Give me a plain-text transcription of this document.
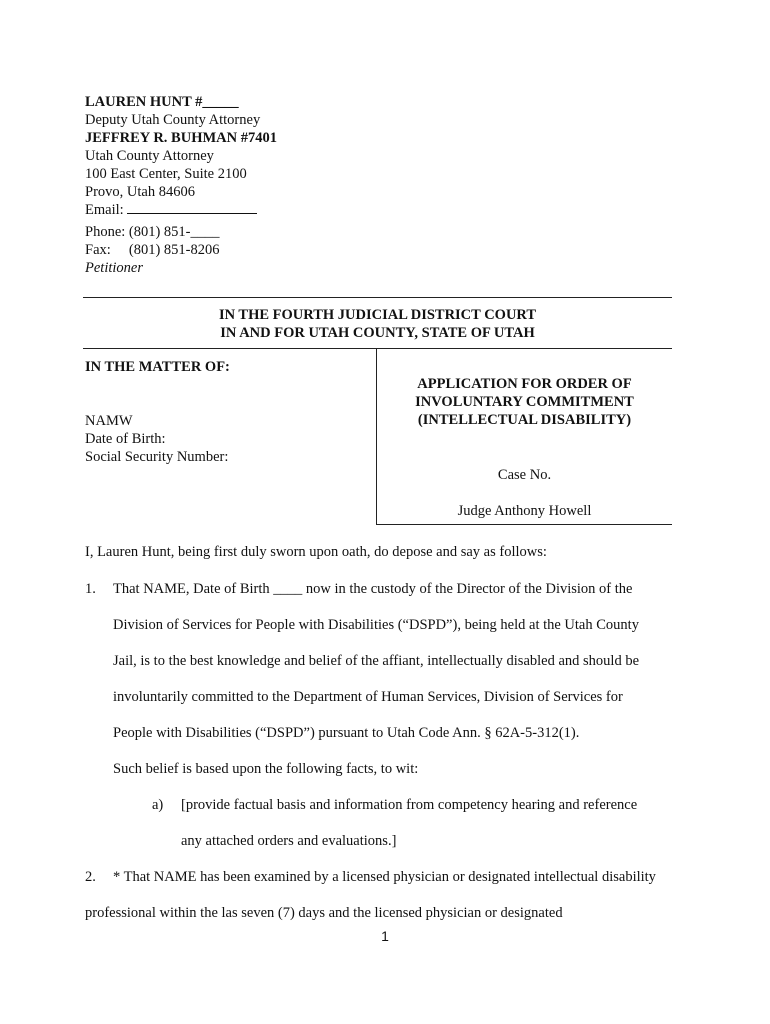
LAUREN HUNT #_____
Deputy Utah County Attorney
JEFFREY R. BUHMAN #7401
Utah County Attorney
100 East Center, Suite 2100
Provo, Utah 84606
Email:
Phone: (801) 851-____
Fax:     (801) 851-8206
Petitioner
IN THE FOURTH JUDICIAL DISTRICT COURT
IN AND FOR UTAH COUNTY, STATE OF UTAH
IN THE MATTER OF:
NAMW
Date of Birth:
Social Security Number:
APPLICATION FOR ORDER OF
INVOLUNTARY COMMITMENT
(INTELLECTUAL DISABILITY)
Case No.
Judge Anthony Howell
I, Lauren Hunt, being first duly sworn upon oath, do depose and say as follows:
1. That NAME, Date of Birth ____ now in the custody of the Director of the Division of the
Division of Services for People with Disabilities (“DSPD”), being held at the Utah County
Jail, is to the best knowledge and belief of the affiant, intellectually disabled and should be
involuntarily committed to the Department of Human Services, Division of Services for
People with Disabilities (“DSPD”) pursuant to Utah Code Ann. § 62A-5-312(1).
Such belief is based upon the following facts, to wit:
a) [provide factual basis and information from competency hearing and reference
any attached orders and evaluations.]
2. * That NAME has been examined by a licensed physician or designated intellectual disability
professional within the las seven (7) days and the licensed physician or designated
1
